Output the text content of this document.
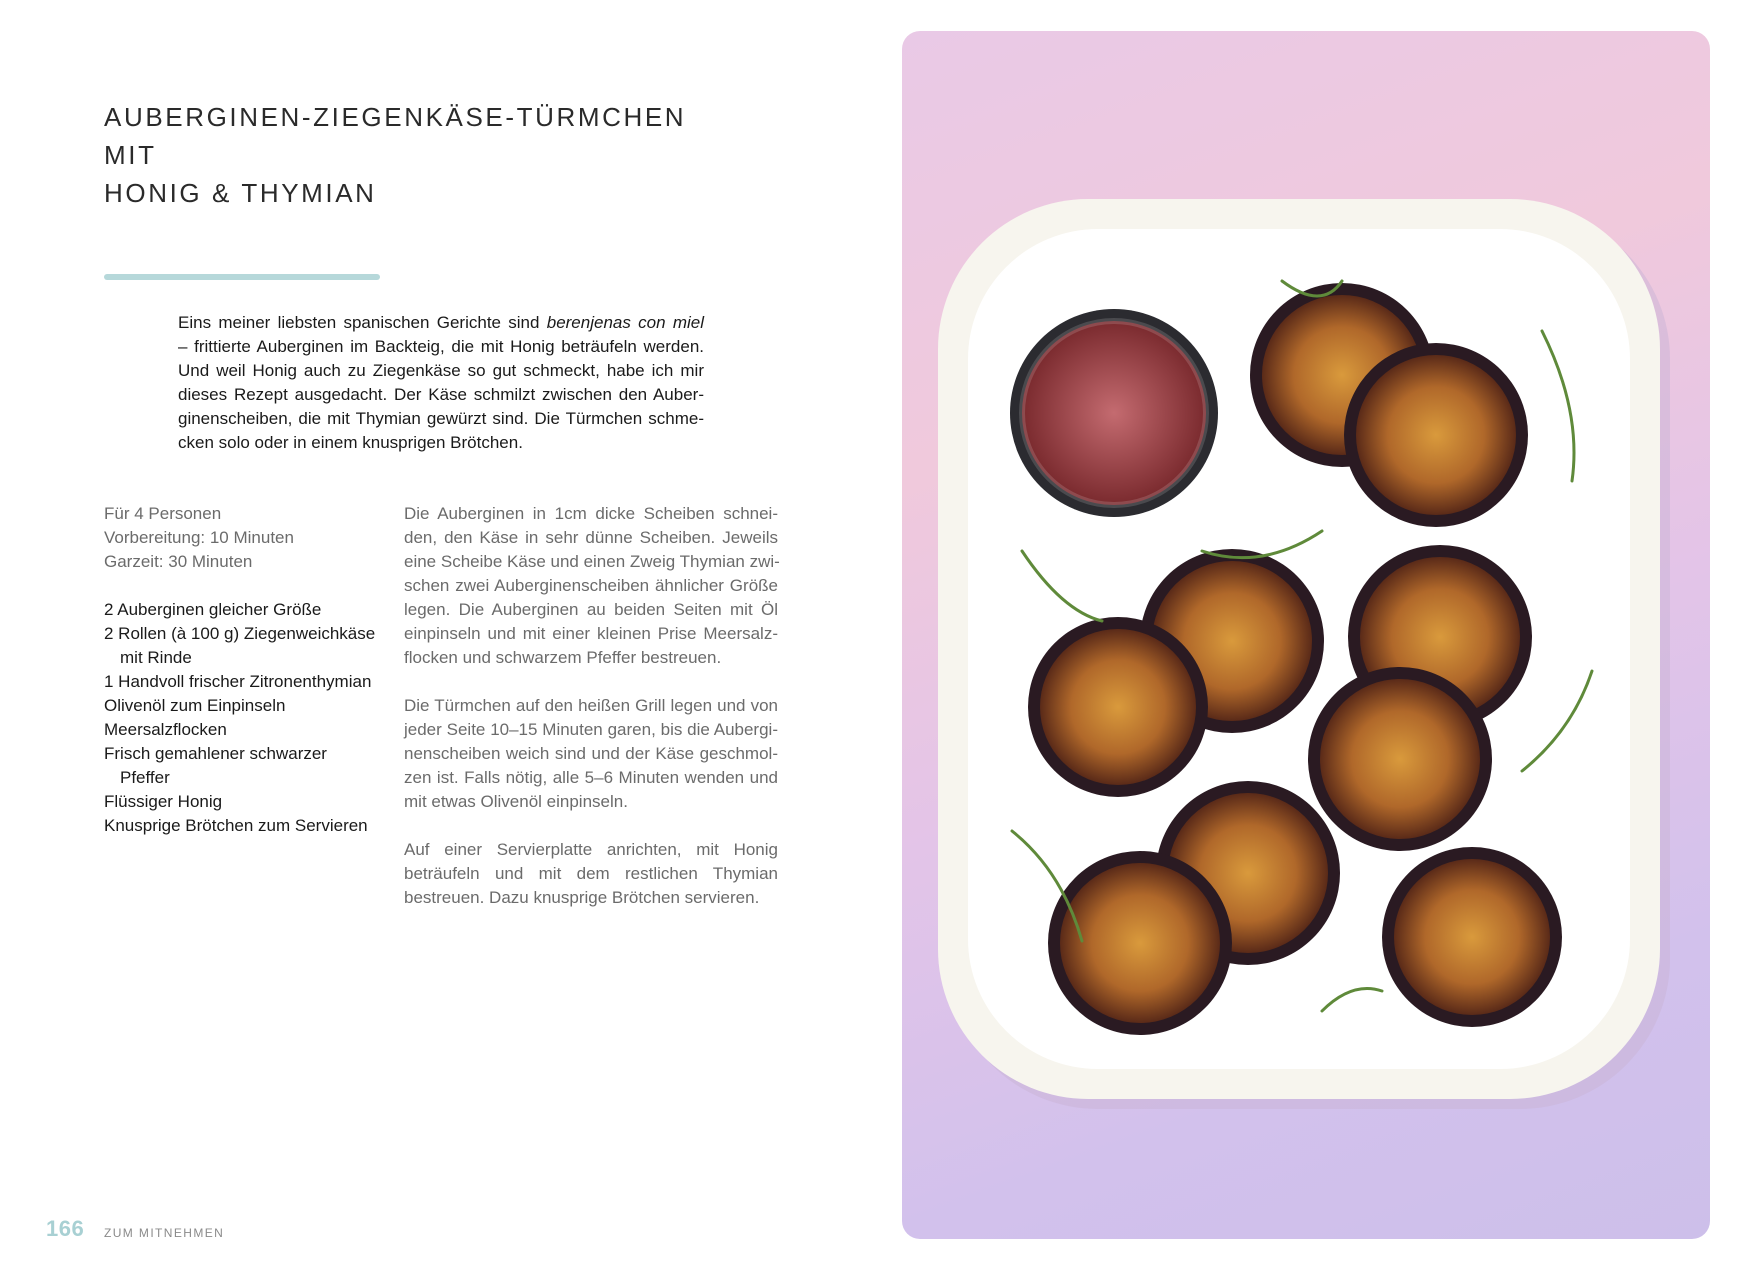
AUBERGINEN-ZIEGENKÄSE-TÜRMCHEN MIT
HONIG & THYMIAN

Eins meiner liebsten spanischen Gerichte sind berenjenas con miel
– frittierte Auberginen im Backteig, die mit Honig beträufeln werden.
Und weil Honig auch zu Ziegenkäse so gut schmeckt, habe ich mir
dieses Rezept ausgedacht. Der Käse schmilzt zwischen den Auber-
ginenscheiben, die mit Thymian gewürzt sind. Die Türmchen schme-
cken solo oder in einem knusprigen Brötchen.

Für 4 Personen
Vorbereitung: 10 Minuten
Garzeit: 30 Minuten
2 Auberginen gleicher Größe
2 Rollen (à 100 g) Ziegenweichkäse
mit Rinde
1 Handvoll frischer Zitronenthymian
Olivenöl zum Einpinseln
Meersalzflocken
Frisch gemahlener schwarzer
Pfeffer
Flüssiger Honig
Knusprige Brötchen zum Servieren

Die Auberginen in 1cm dicke Scheiben schnei-
den, den Käse in sehr dünne Scheiben. Jeweils
eine Scheibe Käse und einen Zweig Thymian zwi-
schen zwei Auberginenscheiben ähnlicher Größe
legen. Die Auberginen au beiden Seiten mit Öl
einpinseln und mit einer kleinen Prise Meersalz-
flocken und schwarzem Pfeffer bestreuen.

Die Türmchen auf den heißen Grill legen und von
jeder Seite 10–15 Minuten garen, bis die Aubergi-
nenscheiben weich sind und der Käse geschmol-
zen ist. Falls nötig, alle 5–6 Minuten wenden und
mit etwas Olivenöl einpinseln.

Auf einer Servierplatte anrichten, mit Honig
beträufeln und mit dem restlichen Thymian
bestreuen. Dazu knusprige Brötchen servieren.

166 ZUM MITNEHMEN
